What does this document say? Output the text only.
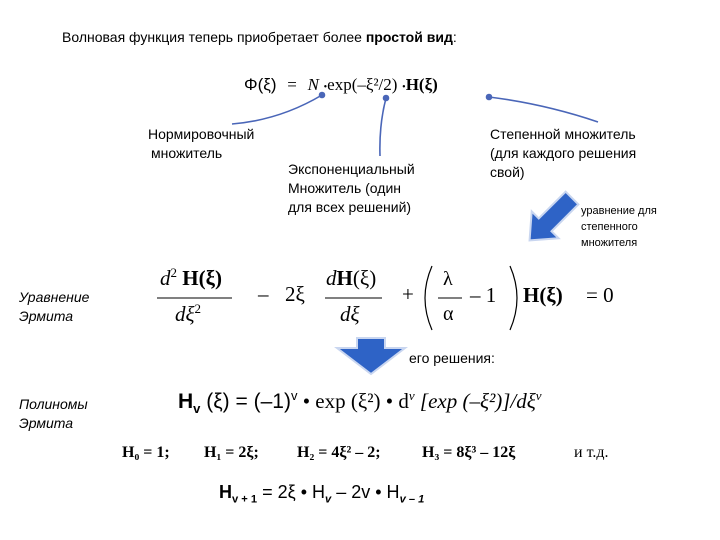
Волновая функция теперь приобретает более простой вид:
Φ(ξ) = N •exp(–ξ²/2) •H(ξ)
Нормировочный
множитель
Экспоненциальный
Множитель (один
для всех решений)
Степенной множитель
(для каждого решения
свой)
уравнение для
степенного
множителя
Уравнение
Эрмита
$d^2$ H(ξ)
$d\xi^2$
– 2ξ
dH(ξ)
dξ
+
λ
α
– 1 H(ξ) = 0
его решения:
Полиномы
Эрмита
$H_v$ $(\xi) = (-1)^v$ • exp (ξ²) • $d^v$ [exp $(-\xi^2)]/d\xi^v$
H₀ = 1; H₁ = 2ξ; H₂ = 4ξ² – 2;	H₃ = 8ξ³ – 12ξ	и т.д.
$H_{v + 1} = 2\xi$ • $H_v - 2v$ • $H_{v - 1}$
